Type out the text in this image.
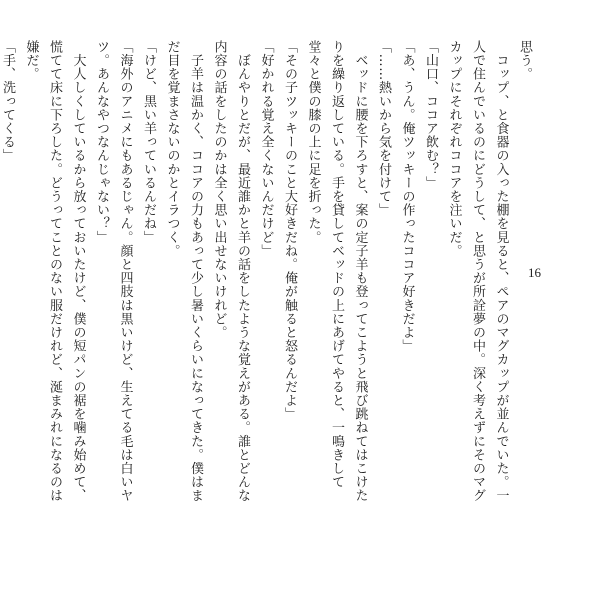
思う。
　コップ、と食器の入った棚を見ると、ペアのマグカップが並んでいた。一
人で住んでいるのにどうして、と思うが所詮夢の中。深く考えずにそのマグ
カップにそれぞれココアを注いだ。
「山口、ココア飲む？」
「あ、うん。俺ツッキーの作ったココア好きだよ」
「……熱いから気を付けて」
　ベッドに腰を下ろすと、案の定子羊も登ってこようと飛び跳ねてはこけた
りを繰り返している。手を貸してベッドの上にあげてやると、一鳴きして
堂々と僕の膝の上に足を折った。
「その子ツッキーのこと大好きだね。俺が触ると怒るんだよ」
「好かれる覚え全くないんだけど」
　ぼんやりとだが、最近誰かと羊の話をしたような覚えがある。誰とどんな
内容の話をしたのかは全く思い出せないけれど。
　子羊は温かく、ココアの力もあって少し暑いくらいになってきた。僕はま
だ目を覚まさないのかとイラつく。
「けど、黒い羊っているんだね」
「海外のアニメにもあるじゃん。顔と四肢は黒いけど、生えてる毛は白いヤ
ツ。あんなやつなんじゃない？」
　大人しくしているから放っておいたけど、僕の短パンの裾を噛み始めて、
慌てて床に下ろした。どうってことのない服だけれど、涎まみれになるのは
嫌だ。
「手、洗ってくる」
16
